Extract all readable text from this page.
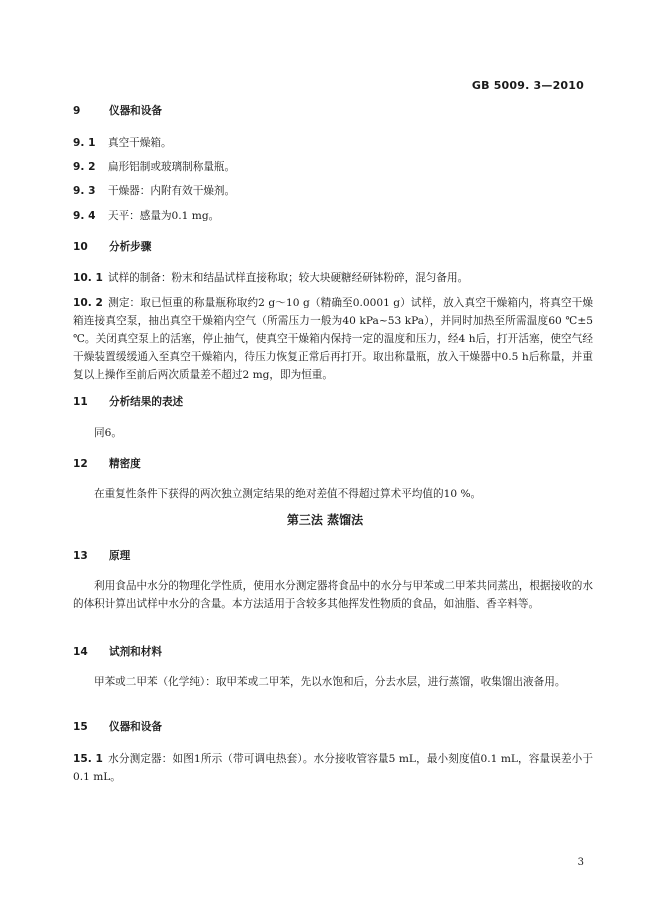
GB 5009. 3—2010
9	仪器和设备
9. 1 真空干燥箱。
9. 2 扁形铝制或玻璃制称量瓶。
9. 3 干燥器：内附有效干燥剂。
9. 4 天平：感量为0.1 mg。
10 分析步骤
10. 1 试样的制备：粉末和结晶试样直接称取；较大块硬糖经研钵粉碎，混匀备用。
10. 2 测定：取已恒重的称量瓶称取约2 g～10 g（精确至0.0001 g）试样，放入真空干燥箱内，将真空干燥箱连接真空泵，抽出真空干燥箱内空气（所需压力一般为40 kPa~53 kPa），并同时加热至所需温度60 ℃±5 ℃。关闭真空泵上的活塞，停止抽气，使真空干燥箱内保持一定的温度和压力，经4 h后，打开活塞，使空气经干燥装置缓缓通入至真空干燥箱内，待压力恢复正常后再打开。取出称量瓶，放入干燥器中0.5 h后称量，并重复以上操作至前后两次质量差不超过2 mg，即为恒重。
11 分析结果的表述
同6。
12 精密度
在重复性条件下获得的两次独立测定结果的绝对差值不得超过算术平均值的10 %。
第三法 蒸馏法
13 原理
利用食品中水分的物理化学性质，使用水分测定器将食品中的水分与甲苯或二甲苯共同蒸出，根据接收的水的体积计算出试样中水分的含量。本方法适用于含较多其他挥发性物质的食品，如油脂、香辛料等。
14 试剂和材料
甲苯或二甲苯（化学纯）：取甲苯或二甲苯，先以水饱和后，分去水层，进行蒸馏，收集馏出液备用。
15 仪器和设备
15. 1 水分测定器：如图1所示（带可调电热套）。水分接收管容量5 mL，最小刻度值0.1 mL，容量误差小于0.1 mL。
3
